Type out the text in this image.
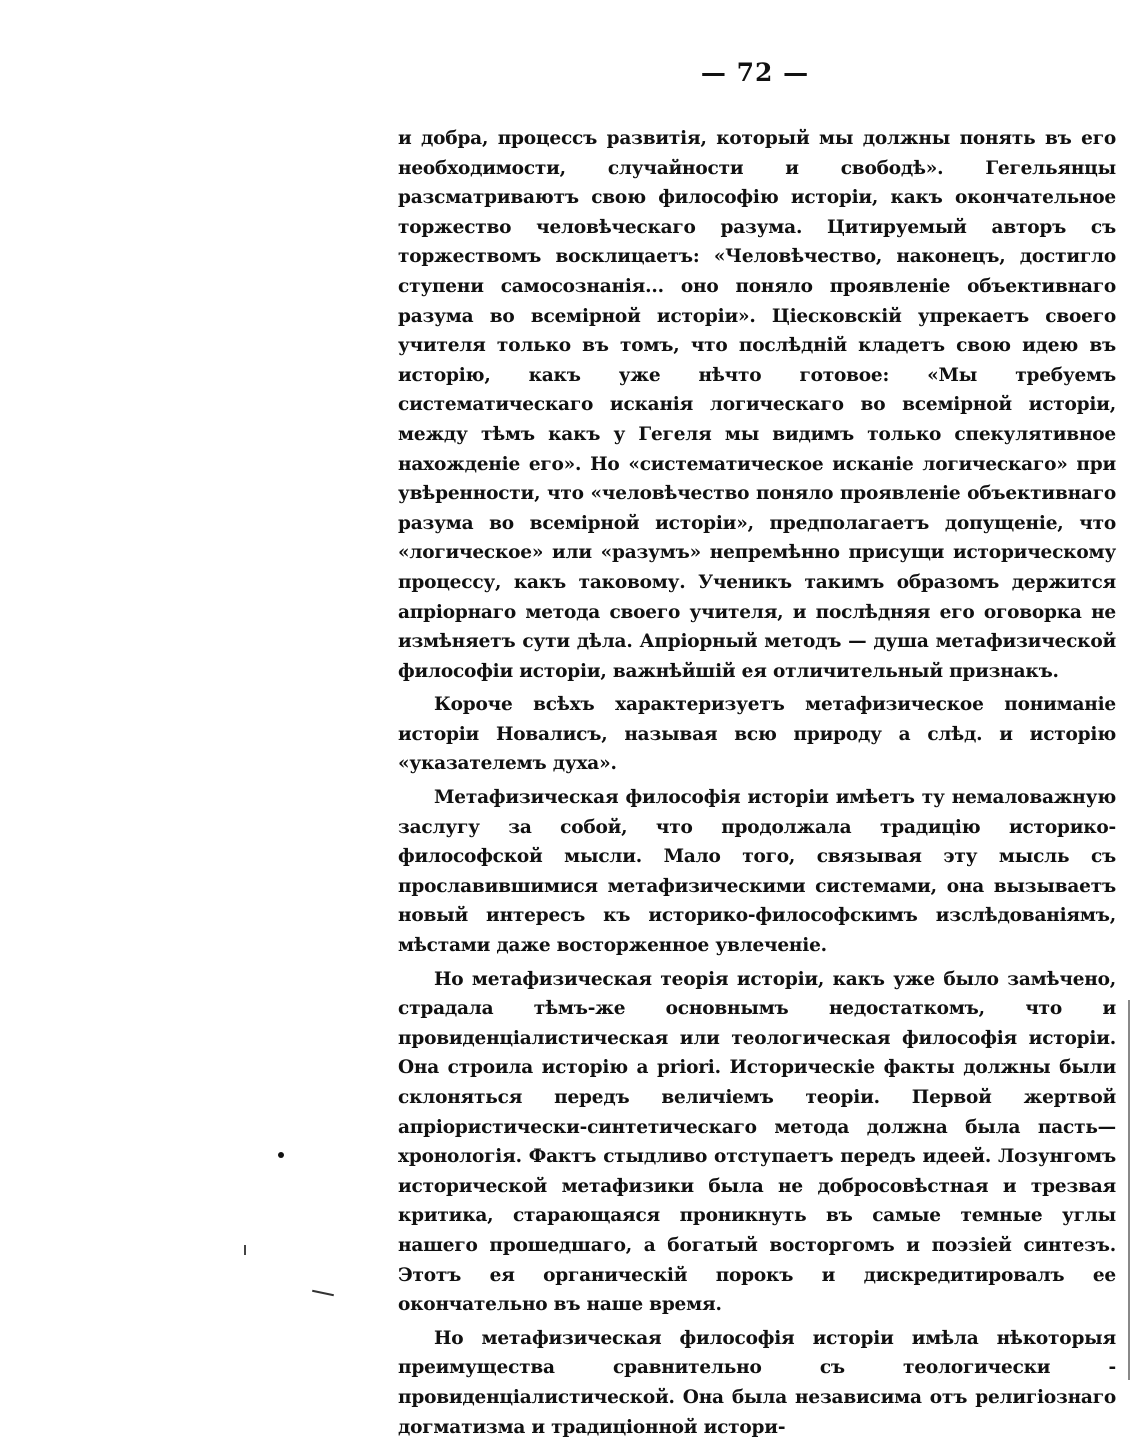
— 72 —

и добра, процессъ развитія, который мы должны понять въ его необходимости, случайности и свободѣ». Гегельянцы разсматриваютъ свою философію исторіи, какъ окончательное торжество человѣческаго разума. Цитируемый авторъ съ торжествомъ восклицаетъ: «Человѣчество, наконецъ, достигло ступени самосознанія... оно поняло проявленіе объективнаго разума во всемірной исторіи». Ціесковскій упрекаетъ своего учителя только въ томъ, что послѣдній кладетъ свою идею въ исторію, какъ уже нѣчто готовое: «Мы требуемъ систематическаго исканія логическаго во всемірной исторіи, между тѣмъ какъ у Гегеля мы видимъ только спекулятивное нахожденіе его». Но «систематическое исканіе логическаго» при увѣренности, что «человѣчество поняло проявленіе объективнаго разума во всемірной исторіи», предполагаетъ допущеніе, что «логическое» или «разумъ» непремѣнно присущи историческому процессу, какъ таковому. Ученикъ такимъ образомъ держится апріорнаго метода своего учителя, и послѣдняя его оговорка не измѣняетъ сути дѣла. Апріорный методъ — душа метафизической философіи исторіи, важнѣйшій ея отличительный признакъ.

Короче всѣхъ характеризуетъ метафизическое пониманіе исторіи Новалисъ, называя всю природу а слѣд. и исторію «указателемъ духа».

Метафизическая философія исторіи имѣетъ ту немаловажную заслугу за собой, что продолжала традицію историко-философской мысли. Мало того, связывая эту мысль съ прославившимися метафизическими системами, она вызываетъ новый интересъ къ историко-философскимъ изслѣдованіямъ, мѣстами даже восторженное увлеченіе.

Но метафизическая теорія исторіи, какъ уже было замѣчено, страдала тѣмъ-же основнымъ недостаткомъ, что и провиденціалистическая или теологическая философія исторіи. Она строила исторію a priori. Историческіе факты должны были склоняться передъ величіемъ теоріи. Первой жертвой апріористически-синтетическаго метода должна была пасть—хронологія. Фактъ стыдливо отступаетъ передъ идеей. Лозунгомъ исторической метафизики была не добросовѣстная и трезвая критика, старающаяся проникнуть въ самые темные углы нашего прошедшаго, а богатый восторгомъ и поэзіей синтезъ. Этотъ ея органическій порокъ и дискредитировалъ ее окончательно въ наше время.

Но метафизическая философія исторіи имѣла нѣкоторыя преимущества сравнительно съ теологически - провиденціалистической. Она была независима отъ религіознаго догматизма и традиціонной истори-
